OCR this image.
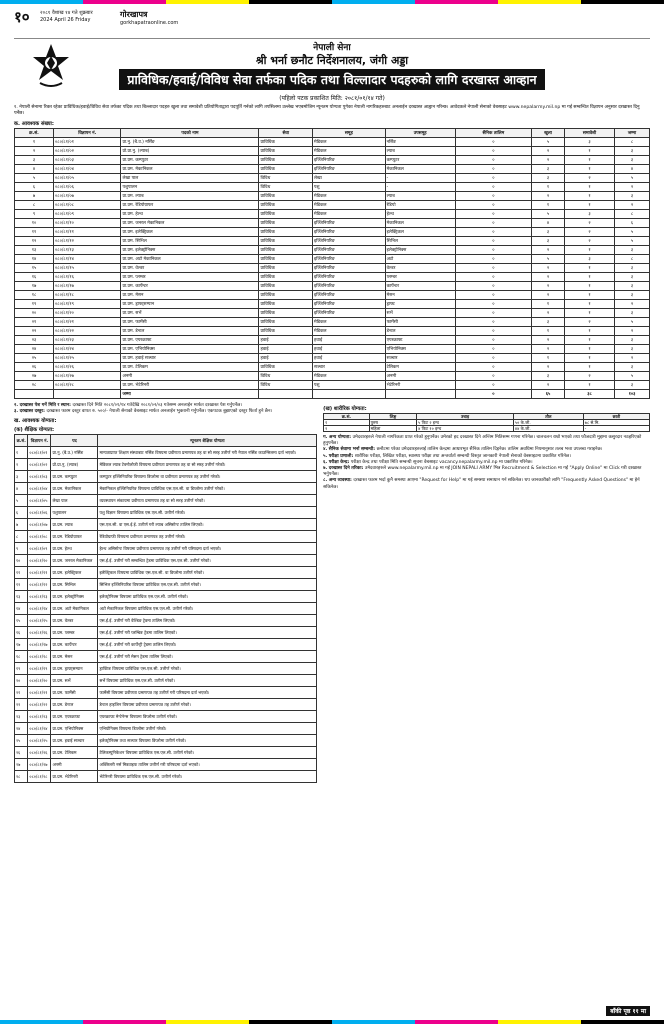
१०	२०८१ वैशाख १४ गते शुक्रबार
2024 April 26 Friday
गोरखापत्र
gorkhapatraonline.com
नेपाली सेना
श्री भर्ना छनौट निर्देशनालय, जंगी अड्डा
प्राविधिक/हवाई/विविध सेवा तर्फका पदिक तथा विल्लादार पदहरुको लागि दरखास्त आव्हान
(पहिलो पटक प्रकाशित मिति: २०८१/०१/१४ गते)
१. नेपाली सेनामा रिक्त रहेका प्राविधिक/हवाई/विविध सेवा तर्फका पदिक तथा बिल्लादार पदहरु खुला तथा समावेशी प्रतियोगिताद्वारा पदपूर्ति गर्नको लागि तपसिलमा उल्लेख भएबमोजिम न्यूनतम योग्यता पुगेका नेपाली नागरिकहरुबाट अनलाईन दरखास्त आह्वान गरिन्छ। आवेदकले नेपाली सेनाको वेबसाइट www.nepalarmy.mil.np मा गई सम्बन्धित विज्ञापन अनुसार दरखास्त दिनु पर्नेछ।
क. आवश्यक संख्या:
क्र.सं.	विज्ञापन नं.	पदको नाम	सेवा	समूह	उपसमूह	सैनिक तालिम	खुला	समावेशी	जम्मा
१	०८०/८१/०१	प्रा.नु. (बै.उ.) नर्सिङ	प्राविधिक	मेडिकल	नर्सिङ	०	५	३	८
२	०८०/८१/०२	प्रो.प्रा.नु. (ल्याब)	प्राविधिक	मेडिकल	ल्याब	०	२	१	३
३	०८०/८१/०३	प्रा.प्रम. कम्प्युटर	प्राविधिक	इञ्जिनियरिङ	कम्प्युटर	०	२	१	३
४	०८०/८१/०४	प्रा.प्रम. मेकानिकल	प्राविधिक	इञ्जिनियरिङ	मेकानिकल	०	३	१	४
५	०८०/८१/०५	लेखा पाल	विविध	लेखा	-	०	३	२	५
६	०८०/८१/०६	पशुपालन	विविध	पशु	-	०	१	१	२
७	०८०/८१/०७	प्रा.प्रम. ल्याब	प्राविधिक	मेडिकल	ल्याब	०	२	१	३
८	०८०/८१/०८	प्रा.प्रम. रेडियोग्राफर	प्राविधिक	मेडिकल	रेडियो	०	१	१	२
९	०८०/८१/०९	प्रा.प्रम. हेल्थ	प्राविधिक	मेडिकल	हेल्थ	०	५	३	८
१०	०८०/८१/१०	प्रा.प्रम. जनरल मेकानिकल	प्राविधिक	इञ्जिनियरिङ	मेकानिकल	०	४	२	६
११	०८०/८१/११	प्रा.प्रम. इलेक्ट्रिकल	प्राविधिक	इञ्जिनियरिङ	इलेक्ट्रिकल	०	३	२	५
१२	०८०/८१/१२	प्रा.प्रम. सिभिल	प्राविधिक	इञ्जिनियरिङ	सिभिल	०	३	२	५
१३	०८०/८१/१३	प्रा.प्रम. इलेक्ट्रोनिक्स	प्राविधिक	इञ्जिनियरिङ	इलेक्ट्रोनिक्स	०	२	१	३
१४	०८०/८१/१४	प्रा.प्रम. अटो मेकानिकल	प्राविधिक	इञ्जिनियरिङ	अटो	०	५	३	८
१५	०८०/८१/१५	प्रा.प्रम. वेल्डर	प्राविधिक	इञ्जिनियरिङ	वेल्डर	०	२	१	३
१६	०८०/८१/१६	प्रा.प्रम. प्लम्बर	प्राविधिक	इञ्जिनियरिङ	प्लम्बर	०	२	१	३
१७	०८०/८१/१७	प्रा.प्रम. कार्पेन्टर	प्राविधिक	इञ्जिनियरिङ	कार्पेन्टर	०	२	१	३
१८	०८०/८१/१८	प्रा.प्रम. मेसन	प्राविधिक	इञ्जिनियरिङ	मेसन	०	२	१	३
१९	०८०/८१/१९	प्रा.प्रम. ड्राफ्ट्सम्यान	प्राविधिक	इञ्जिनियरिङ	ड्राफ्ट	०	१	१	२
२०	०८०/८१/२०	प्रा.प्रम. सर्भे	प्राविधिक	इञ्जिनियरिङ	सर्भे	०	२	१	३
२१	०८०/८१/२१	प्रा.प्रम. फार्मेसी	प्राविधिक	मेडिकल	फार्मेसी	०	३	२	५
२२	०८०/८१/२२	प्रा.प्रम. डेन्टल	प्राविधिक	मेडिकल	डेन्टल	०	१	१	२
२३	०८०/८१/२३	प्रा.प्रम. एयरक्राफ्ट	हवाई	हवाई	एयरक्राफ्ट	०	२	१	३
२४	०८०/८१/२४	प्रा.प्रम. एभियोनिक्स	हवाई	हवाई	एभियोनिक्स	०	२	१	३
२५	०८०/८१/२५	प्रा.प्रम. हवाई सञ्चार	हवाई	हवाई	सञ्चार	०	१	१	२
२६	०८०/८१/२६	प्रा.प्रम. टेलिकम	प्राविधिक	सञ्चार	टेलिकम	०	२	१	३
२७	०८०/८१/२७	अनमी	विविध	मेडिकल	अनमी	०	३	२	५
२८	०८०/८१/२८	प्रा.प्रम. भेटेरिनरी	विविध	पशु	भेटेरिनरी	०	२	१	३
		जम्मा				०	६५	३८	१०३
२. दरखास्त पेश गर्ने मिति र स्थान: दरखास्त दिने मिति २०८१/०१/१४ गतेदेखि २०८१/०२/०३ गतेसम्म अनलाईन मार्फत दरखास्त पेश गर्नुपर्नेछ।
३. दरखास्त दस्तुर: दरखास्त फारम दस्तुर वापत रु. ५००/- नेपाली सेनाको वेबसाइट मार्फत अनलाईन भुक्तानी गर्नुपर्नेछ। एकपटक बुझाएको दस्तुर फिर्ता हुने छैन।
ख. आवश्यक योग्यता:
(क) शैक्षिक योग्यता:
क्र.सं.	विज्ञापन नं.	पद	न्यूनतम शैक्षिक योग्यता
१	०८०/८१/०१	प्रा.नु. (बै.उ.) नर्सिङ	मान्यताप्राप्त शिक्षण संस्थाबाट नर्सिङ विषयमा प्रवीणता प्रमाणपत्र तह वा सो सरह उत्तीर्ण गरी नेपाल नर्सिङ काउन्सिलमा दर्ता भएको।
२	०८०/८१/०२	प्रो.प्रा.नु. (ल्याब)	मेडिकल ल्याब टेक्नोलोजी विषयमा प्रवीणता प्रमाणपत्र तह वा सो सरह उत्तीर्ण गरेको।
३	०८०/८१/०३	प्रा.प्रम. कम्प्युटर	कम्प्युटर इञ्जिनियरिङ विषयमा डिप्लोमा वा प्रवीणता प्रमाणपत्र तह उत्तीर्ण गरेको।
४	०८०/८१/०४	प्रा.प्रम. मेकानिकल	मेकानिकल इञ्जिनियरिङ विषयमा प्राविधिक एस.एल.सी. वा डिप्लोमा उत्तीर्ण गरेको।
५	०८०/८१/०५	लेखा पाल	व्यवस्थापन संकायमा प्रवीणता प्रमाणपत्र तह वा सो सरह उत्तीर्ण गरेको।
६	०८०/८१/०६	पशुपालन	पशु विज्ञान विषयमा प्राविधिक एस.एल.सी. उत्तीर्ण गरेको।
७	०८०/८१/०७	प्रा.प्रम. ल्याब	एस.एल.सी. वा एस.ई.ई. उत्तीर्ण गरी ल्याब असिस्टेन्ट तालिम लिएको।
८	०८०/८१/०८	प्रा.प्रम. रेडियोग्राफर	रेडियोग्राफी विषयमा प्रवीणता प्रमाणपत्र तह उत्तीर्ण गरेको।
९	०८०/८१/०९	प्रा.प्रम. हेल्थ	हेल्थ असिस्टेन्ट विषयमा प्रवीणता प्रमाणपत्र तह उत्तीर्ण गरी परिषदमा दर्ता भएको।
१०	०८०/८१/१०	प्रा.प्रम. जनरल मेकानिकल	एस.ई.ई. उत्तीर्ण गरी सम्बन्धित ट्रेडमा प्राविधिक एस.एल.सी. उत्तीर्ण गरेको।
११	०८०/८१/११	प्रा.प्रम. इलेक्ट्रिकल	इलेक्ट्रिकल विषयमा प्राविधिक एस.एल.सी. वा डिप्लोमा उत्तीर्ण गरेको।
१२	०८०/८१/१२	प्रा.प्रम. सिभिल	सिभिल इञ्जिनियरिङ विषयमा प्राविधिक एस.एल.सी. उत्तीर्ण गरेको।
१३	०८०/८१/१३	प्रा.प्रम. इलेक्ट्रोनिक्स	इलेक्ट्रोनिक्स विषयमा प्राविधिक एस.एल.सी. उत्तीर्ण गरेको।
१४	०८०/८१/१४	प्रा.प्रम. अटो मेकानिकल	अटो मेकानिकल विषयमा प्राविधिक एस.एल.सी. उत्तीर्ण गरेको।
१५	०८०/८१/१५	प्रा.प्रम. वेल्डर	एस.ई.ई. उत्तीर्ण गरी वेल्डिङ ट्रेडमा तालिम लिएको।
१६	०८०/८१/१६	प्रा.प्रम. प्लम्बर	एस.ई.ई. उत्तीर्ण गरी प्लम्बिङ ट्रेडमा तालिम लिएको।
१७	०८०/८१/१७	प्रा.प्रम. कार्पेन्टर	एस.ई.ई. उत्तीर्ण गरी कार्पेन्ट्री ट्रेडमा तालिम लिएको।
१८	०८०/८१/१८	प्रा.प्रम. मेसन	एस.ई.ई. उत्तीर्ण गरी मेसन ट्रेडमा तालिम लिएको।
१९	०८०/८१/१९	प्रा.प्रम. ड्राफ्ट्सम्यान	ड्राफ्टिङ विषयमा प्राविधिक एस.एल.सी. उत्तीर्ण गरेको।
२०	०८०/८१/२०	प्रा.प्रम. सर्भे	सर्भे विषयमा प्राविधिक एस.एल.सी. उत्तीर्ण गरेको।
२१	०८०/८१/२१	प्रा.प्रम. फार्मेसी	फार्मेसी विषयमा प्रवीणता प्रमाणपत्र तह उत्तीर्ण गरी परिषदमा दर्ता भएको।
२२	०८०/८१/२२	प्रा.प्रम. डेन्टल	डेन्टल हाइजिन विषयमा प्रवीणता प्रमाणपत्र तह उत्तीर्ण गरेको।
२३	०८०/८१/२३	प्रा.प्रम. एयरक्राफ्ट	एयरक्राफ्ट मेन्टेनेन्स विषयमा डिप्लोमा उत्तीर्ण गरेको।
२४	०८०/८१/२४	प्रा.प्रम. एभियोनिक्स	एभियोनिक्स विषयमा डिप्लोमा उत्तीर्ण गरेको।
२५	०८०/८१/२५	प्रा.प्रम. हवाई सञ्चार	इलेक्ट्रोनिक्स तथा सञ्चार विषयमा डिप्लोमा उत्तीर्ण गरेको।
२६	०८०/८१/२६	प्रा.प्रम. टेलिकम	टेलिकम्युनिकेशन विषयमा प्राविधिक एस.एल.सी. उत्तीर्ण गरेको।
२७	०८०/८१/२७	अनमी	अक्जिलरी नर्स मिडवाइफ तालिम उत्तीर्ण गरी परिषदमा दर्ता भएको।
२८	०८०/८१/२८	प्रा.प्रम. भेटेरिनरी	भेटेरिनरी विषयमा प्राविधिक एस.एल.सी. उत्तीर्ण गरेको।
(ख) शारीरिक योग्यता:
क्र.सं.	लिङ्ग	उचाइ	तौल	छाती
१	पुरुष	५ फिट २ इन्च	५० के.जी.	७८ से.मि.
२	महिला	४ फिट १० इन्च	४४ के.जी.	-
ग. अन्य योग्यता: उमेदवारहरुले नेपाली नागरिकता प्राप्त गरेको हुनुपर्नेछ। उमेरको हद दरखास्त दिने अन्तिम मितिसम्म गणना गरिनेछ। चालचलन राम्रो भएको तथा फौजदारी मुद्दामा कसुरदार नठहरिएको हुनुपर्नेछ।
४. सैनिक सेवामा भर्ना सम्बन्धी: छनौटमा परेका उमेदवारहरुलाई तालिम केन्द्रमा आधारभूत सैनिक तालिम दिइनेछ। तालिम अवधिमा नियमानुसार तलब भत्ता उपलब्ध गराइनेछ।
५. परीक्षा प्रणाली: शारीरिक परीक्षा, लिखित परीक्षा, स्वास्थ्य परीक्षा तथा अन्तर्वार्ता सम्बन्धी विस्तृत जानकारी नेपाली सेनाको वेबसाइटमा प्रकाशित गरिनेछ।
६. परीक्षा केन्द्र: परीक्षा केन्द्र तथा परीक्षा मिति सम्बन्धी सूचना वेबसाइट vacancy.nepalarmy.mil.np मा प्रकाशित गरिनेछ।
७. दरखास्त दिने तरिका: उमेदवारहरुले www.nepalarmy.mil.np मा गई JOIN NEPALI ARMY भित्र Recruitment & Selection मा गई "Apply Online" मा Click गरी दरखास्त भर्नुपर्नेछ।
८. अन्य व्यवस्था: दरखास्त फारम भर्दा कुनै समस्या आएमा "Request for Help" मा गई समस्या समाधान गर्न सकिनेछ। थप जानकारीको लागि "Frequently Asked Questions" मा हेर्न सकिनेछ।
बाँकी पृष्ठ ११ मा
